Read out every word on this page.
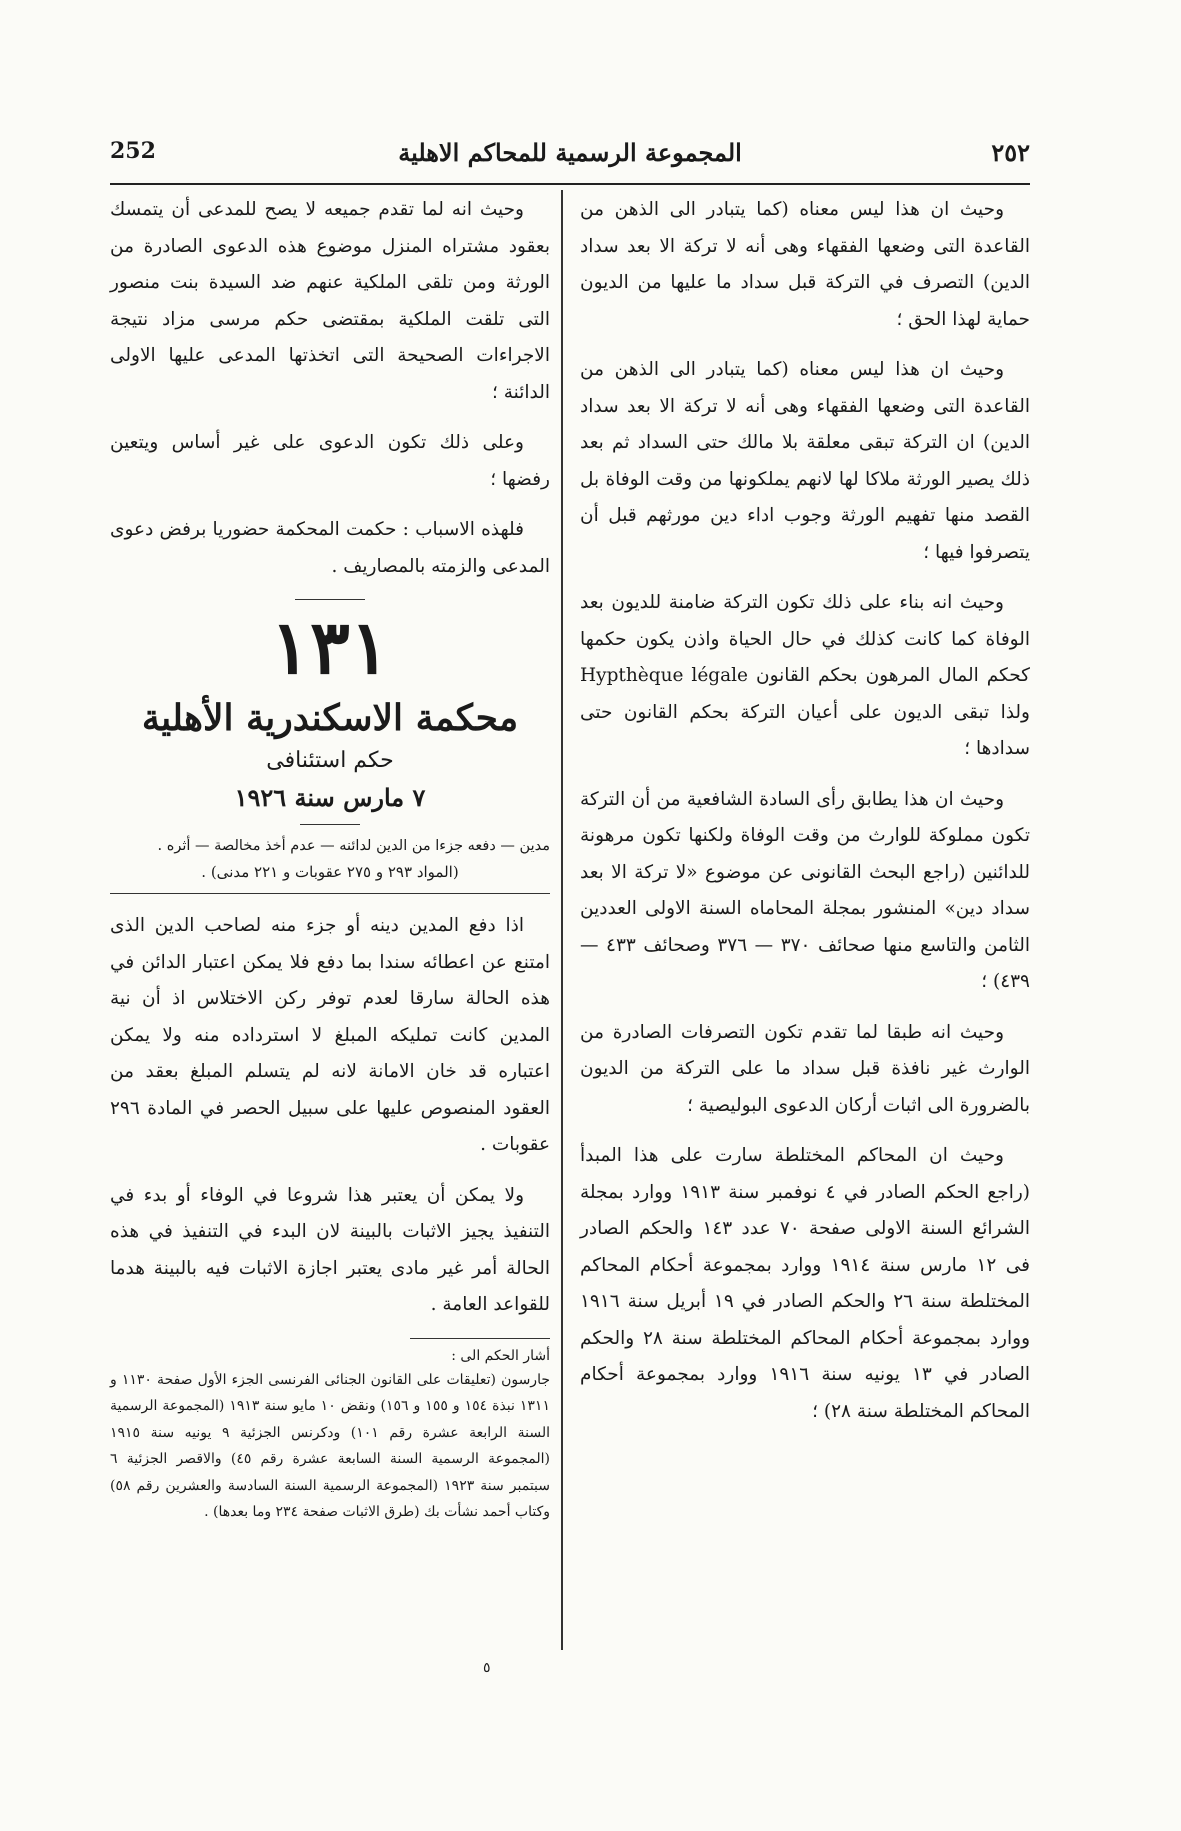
252	المجموعة الرسمية للمحاكم الاهلية	٢٥٢

وحيث ان هذا ليس معناه (كما يتبادر الى الذهن من القاعدة التى وضعها الفقهاء وهى أنه لا تركة الا بعد سداد الدين) التصرف في التركة قبل سداد ما عليها من الديون حماية لهذا الحق ؛

وحيث ان هذا ليس معناه (كما يتبادر الى الذهن من القاعدة التى وضعها الفقهاء وهى أنه لا تركة الا بعد سداد الدين) ان التركة تبقى معلقة بلا مالك حتى السداد ثم بعد ذلك يصير الورثة ملاكا لها لانهم يملكونها من وقت الوفاة بل القصد منها تفهيم الورثة وجوب اداء دين مورثهم قبل أن يتصرفوا فيها ؛

وحيث انه بناء على ذلك تكون التركة ضامنة للديون بعد الوفاة كما كانت كذلك في حال الحياة واذن يكون حكمها كحكم المال المرهون بحكم القانون Hypthèque légale ولذا تبقى الديون على أعيان التركة بحكم القانون حتى سدادها ؛

وحيث ان هذا يطابق رأى السادة الشافعية من أن التركة تكون مملوكة للوارث من وقت الوفاة ولكنها تكون مرهونة للدائنين (راجع البحث القانونى عن موضوع «لا تركة الا بعد سداد دين» المنشور بمجلة المحاماه السنة الاولى العددين الثامن والتاسع منها صحائف ٣٧٠ — ٣٧٦ وصحائف ٤٣٣ — ٤٣٩) ؛

وحيث انه طبقا لما تقدم تكون التصرفات الصادرة من الوارث غير نافذة قبل سداد ما على التركة من الديون بالضرورة الى اثبات أركان الدعوى البوليصية ؛

وحيث ان المحاكم المختلطة سارت على هذا المبدأ (راجع الحكم الصادر في ٤ نوفمبر سنة ١٩١٣ ووارد بمجلة الشرائع السنة الاولى صفحة ٧٠ عدد ١٤٣ والحكم الصادر فى ١٢ مارس سنة ١٩١٤ ووارد بمجموعة أحكام المحاكم المختلطة سنة ٢٦ والحكم الصادر في ١٩ أبريل سنة ١٩١٦ ووارد بمجموعة أحكام المحاكم المختلطة سنة ٢٨ والحكم الصادر في ١٣ يونيه سنة ١٩١٦ ووارد بمجموعة أحكام المحاكم المختلطة سنة ٢٨) ؛

وحيث انه لما تقدم جميعه لا يصح للمدعى أن يتمسك بعقود مشتراه المنزل موضوع هذه الدعوى الصادرة من الورثة ومن تلقى الملكية عنهم ضد السيدة بنت منصور التى تلقت الملكية بمقتضى حكم مرسى مزاد نتيجة الاجراءات الصحيحة التى اتخذتها المدعى عليها الاولى الدائنة ؛

وعلى ذلك تكون الدعوى على غير أساس ويتعين رفضها ؛

فلهذه الاسباب : حكمت المحكمة حضوريا برفض دعوى المدعى والزمته بالمصاريف .

١٣١
محكمة الاسكندرية الأهلية
حكم استئنافى
٧ مارس سنة ١٩٢٦

مدين — دفعه جزءا من الدين لدائنه — عدم أخذ مخالصة — أثره .

(المواد ٢٩٣ و ٢٧٥ عقوبات و ٢٢١ مدنى) .

اذا دفع المدين دينه أو جزء منه لصاحب الدين الذى امتنع عن اعطائه سندا بما دفع فلا يمكن اعتبار الدائن في هذه الحالة سارقا لعدم توفر ركن الاختلاس اذ أن نية المدين كانت تمليكه المبلغ لا استرداده منه ولا يمكن اعتباره قد خان الامانة لانه لم يتسلم المبلغ بعقد من العقود المنصوص عليها على سبيل الحصر في المادة ٢٩٦ عقوبات .

ولا يمكن أن يعتبر هذا شروعا في الوفاء أو بدء في التنفيذ يجيز الاثبات بالبينة لان البدء في التنفيذ في هذه الحالة أمر غير مادى يعتبر اجازة الاثبات فيه بالبينة هدما للقواعد العامة .

أشار الحكم الى :

جارسون (تعليقات على القانون الجنائى الفرنسى الجزء الأول صفحة ١١٣٠ و ١٣١١ نبذة ١٥٤ و ١٥٥ و ١٥٦) ونقض ١٠ مايو سنة ١٩١٣ (المجموعة الرسمية السنة الرابعة عشرة رقم ١٠١) ودكرنس الجزئية ٩ يونيه سنة ١٩١٥ (المجموعة الرسمية السنة السابعة عشرة رقم ٤٥) والاقصر الجزئية ٦ سبتمبر سنة ١٩٢٣ (المجموعة الرسمية السنة السادسة والعشرين رقم ٥٨) وكتاب أحمد نشأت بك (طرق الاثبات صفحة ٢٣٤ وما بعدها) .

٥
